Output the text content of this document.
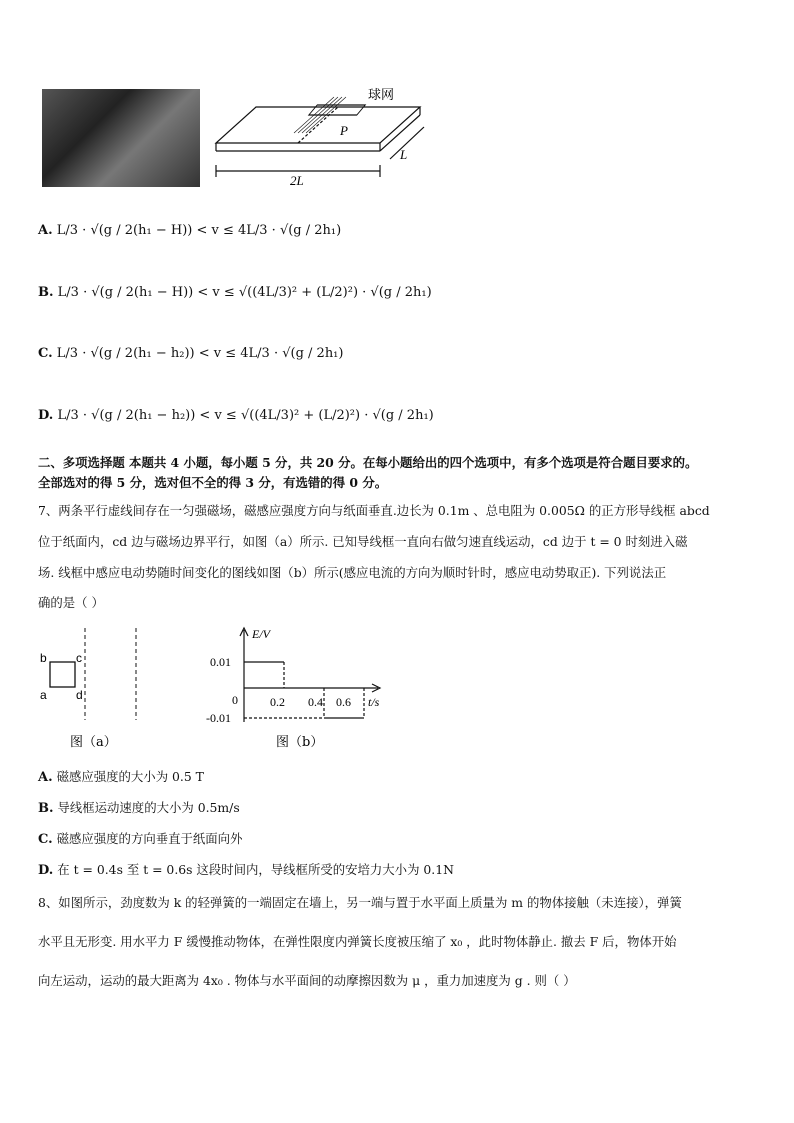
球网
P
2L
L
A. L/3 · √(g / 2(h₁ − H)) < v ≤ 4L/3 · √(g / 2h₁)
B. L/3 · √(g / 2(h₁ − H)) < v ≤ √((4L/3)² + (L/2)²) · √(g / 2h₁)
C. L/3 · √(g / 2(h₁ − h₂)) < v ≤ 4L/3 · √(g / 2h₁)
D. L/3 · √(g / 2(h₁ − h₂)) < v ≤ √((4L/3)² + (L/2)²) · √(g / 2h₁)
二、多项选择题 本题共 4 小题，每小题 5 分，共 20 分。在每小题给出的四个选项中，有多个选项是符合题目要求的。
全部选对的得 5 分，选对但不全的得 3 分，有选错的得 0 分。
7、两条平行虚线间存在一匀强磁场，磁感应强度方向与纸面垂直.边长为 0.1m 、总电阻为 0.005Ω 的正方形导线框 abcd
位于纸面内，cd 边与磁场边界平行，如图（a）所示. 已知导线框一直向右做匀速直线运动，cd 边于 t = 0 时刻进入磁
场. 线框中感应电动势随时间变化的图线如图（b）所示(感应电流的方向为顺时针时，感应电动势取正). 下列说法正
确的是（ ）
b c
a d
图（a）
E/V
t/s
0.01
-0.01
0	0.2 0.4 0.6
图（b）
A. 磁感应强度的大小为 0.5 T
B. 导线框运动速度的大小为 0.5m/s
C. 磁感应强度的方向垂直于纸面向外
D. 在 t = 0.4s 至 t = 0.6s 这段时间内，导线框所受的安培力大小为 0.1N
8、如图所示，劲度数为 k 的轻弹簧的一端固定在墙上，另一端与置于水平面上质量为 m 的物体接触（未连接），弹簧
水平且无形变. 用水平力 F 缓慢推动物体，在弹性限度内弹簧长度被压缩了 x₀ ，此时物体静止. 撤去 F 后，物体开始
向左运动，运动的最大距离为 4x₀ . 物体与水平面间的动摩擦因数为 μ ，重力加速度为 g . 则（ ）
